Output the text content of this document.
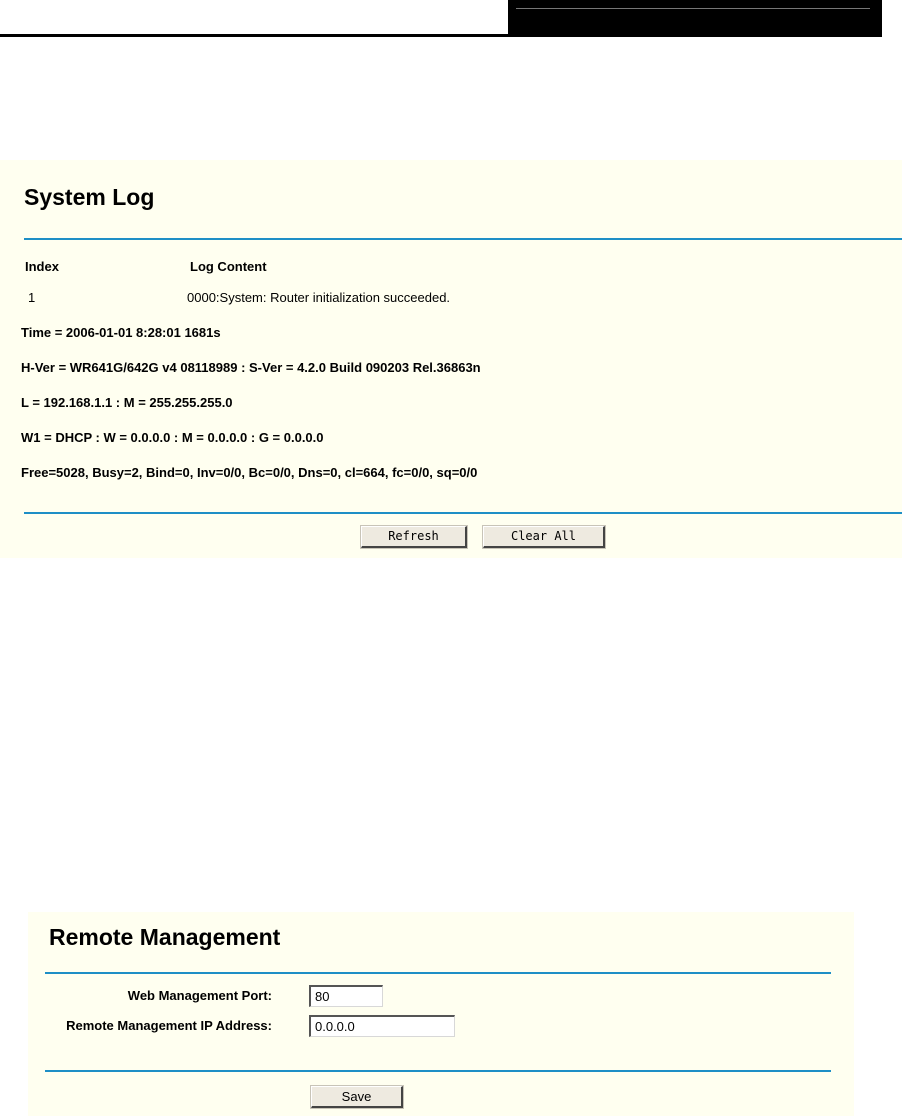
System Log
Index	Log Content
1	0000:System: Router initialization succeeded.
Time = 2006-01-01 8:28:01 1681s
H-Ver = WR641G/642G v4 08118989 : S-Ver = 4.2.0 Build 090203 Rel.36863n
L = 192.168.1.1 : M = 255.255.255.0
W1 = DHCP : W = 0.0.0.0 : M = 0.0.0.0 : G = 0.0.0.0
Free=5028, Busy=2, Bind=0, Inv=0/0, Bc=0/0, Dns=0, cl=664, fc=0/0, sq=0/0
Refresh	Clear All
Remote Management
Web Management Port:
80
Remote Management IP Address:
0.0.0.0
Save
